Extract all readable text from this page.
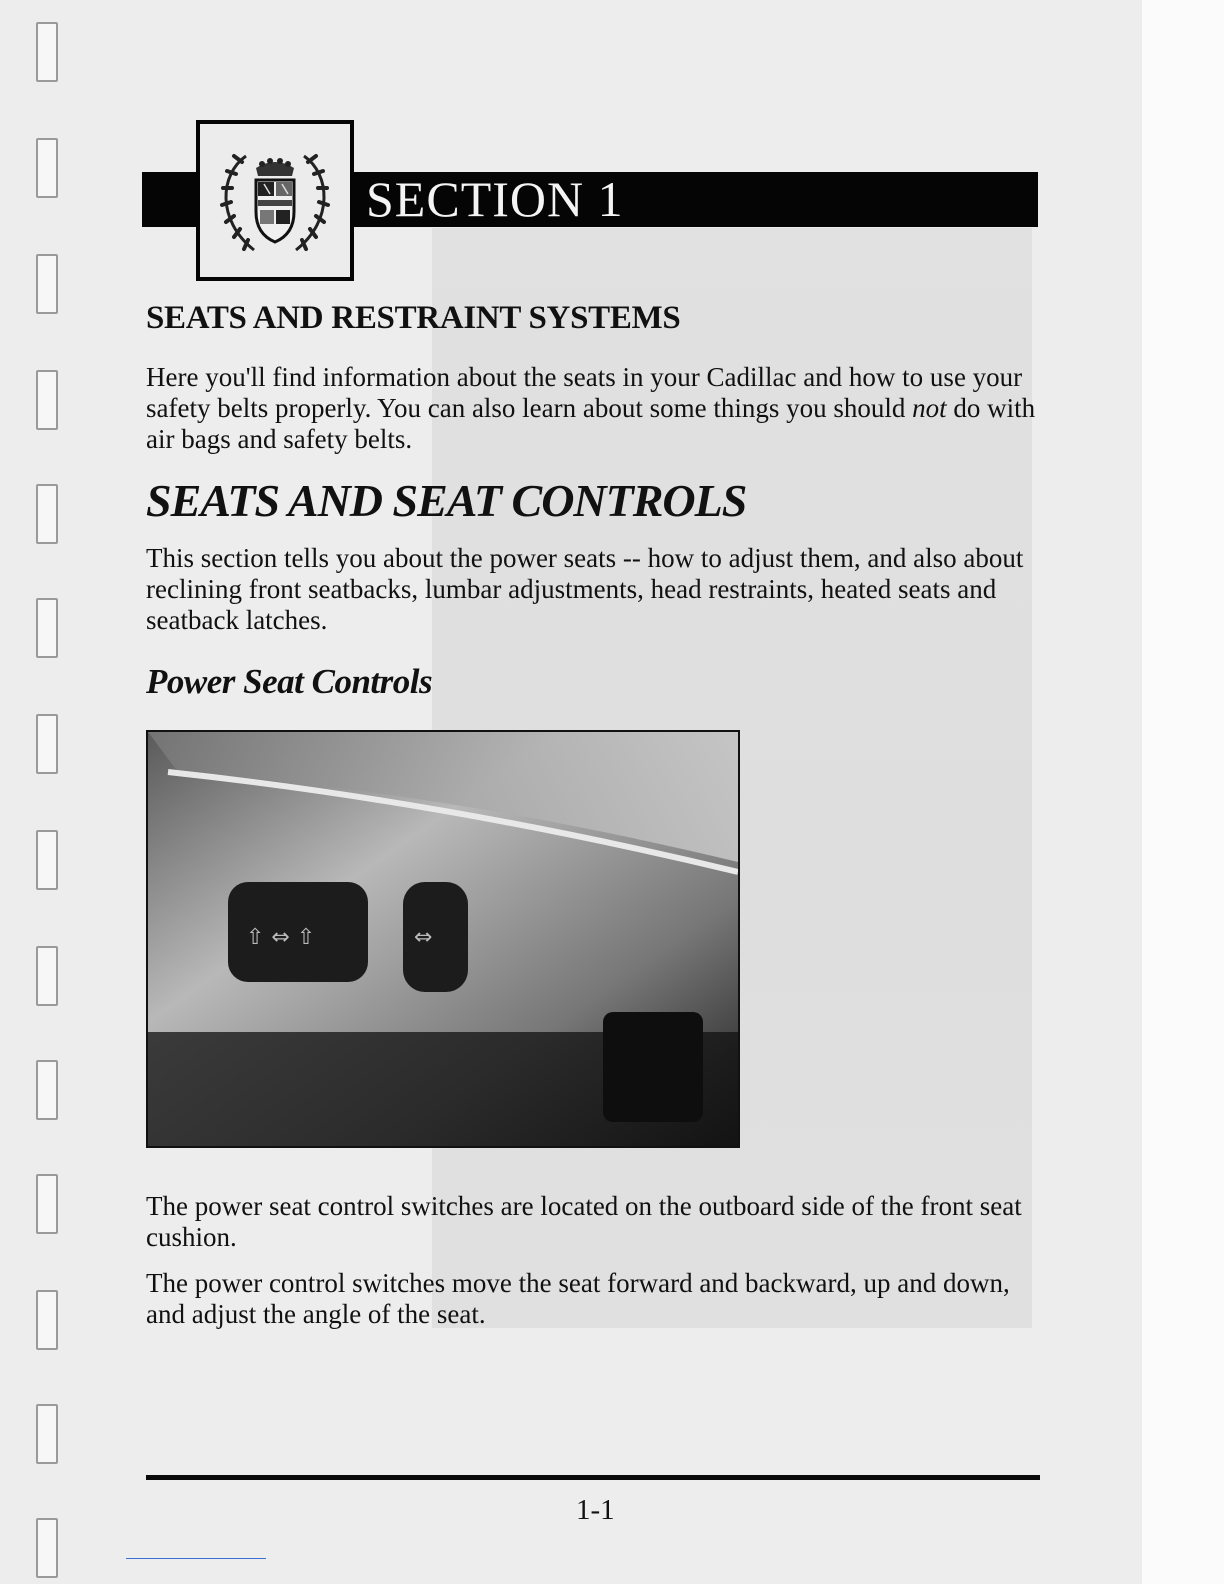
SECTION 1
SEATS AND RESTRAINT SYSTEMS

Here you'll find information about the seats in your Cadillac and how to use your safety belts properly. You can also learn about some things you should not do with air bags and safety belts.

SEATS AND SEAT CONTROLS

This section tells you about the power seats -- how to adjust them, and also about reclining front seatbacks, lumbar adjustments, head restraints, heated seats and seatback latches.

Power Seat Controls
⇧ ⇔ ⇧	⇔

The power seat control switches are located on the outboard side of the front seat cushion.

The power control switches move the seat forward and backward, up and down, and adjust the angle of the seat.

1-1
